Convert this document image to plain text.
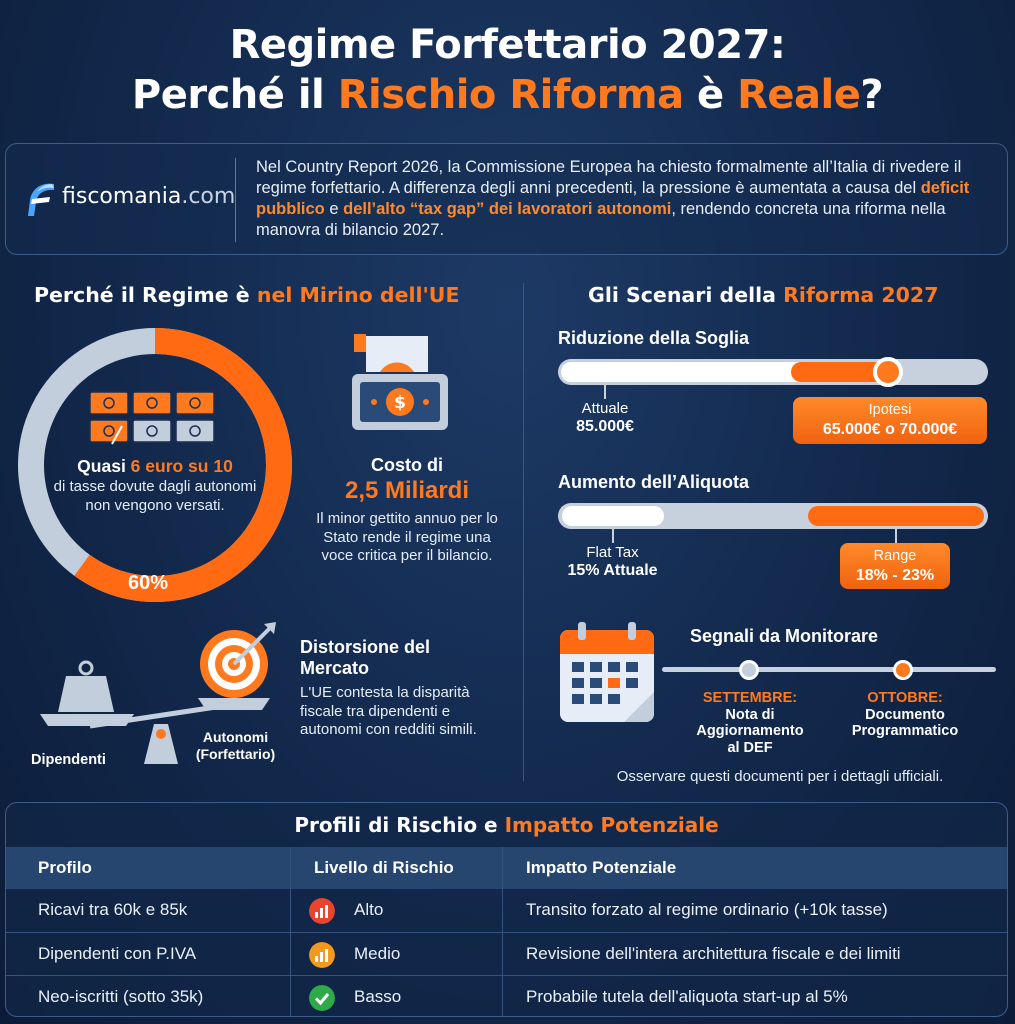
Regime Forfettario 2027:
Perché il Rischio Riforma è Reale?
fiscomania.com
Nel Country Report 2026, la Commissione Europea ha chiesto formalmente all’Italia di rivedere il regime forfettario. A differenza degli anni precedenti, la pressione è aumentata a causa del deficit pubblico e dell’alto “tax gap” dei lavoratori autonomi, rendendo concreta una riforma nella manovra di bilancio 2027.
Perché il Regime è nel Mirino dell'UE
Quasi 6 euro su 10
di tasse dovute dagli autonomi non vengono versati.
60%
$
Costo di
2,5 Miliardi
Il minor gettito annuo per lo Stato rende il regime una voce critica per il bilancio.
Dipendenti
Autonomi (Forfettario)
Distorsione del Mercato
L'UE contesta la disparità fiscale tra dipendenti e autonomi con redditi simili.
Gli Scenari della Riforma 2027
Riduzione della Soglia
Attuale
85.000€
Ipotesi
65.000€ o 70.000€
Aumento dell’Aliquota
Flat Tax
15% Attuale
Range
18% - 23%
Segnali da Monitorare
SETTEMBRE:
Nota di Aggiornamento al DEF
OTTOBRE:
Documento Programmatico
Osservare questi documenti per i dettagli ufficiali.
Profili di Rischio e Impatto Potenziale
Profilo	Livello di Rischio	Impatto Potenziale
Ricavi tra 60k e 85k	Alto	Transito forzato al regime ordinario (+10k tasse)
Dipendenti con P.IVA	Medio	Revisione dell'intera architettura fiscale e dei limiti
Neo-iscritti (sotto 35k)	Basso	Probabile tutela dell'aliquota start-up al 5%
